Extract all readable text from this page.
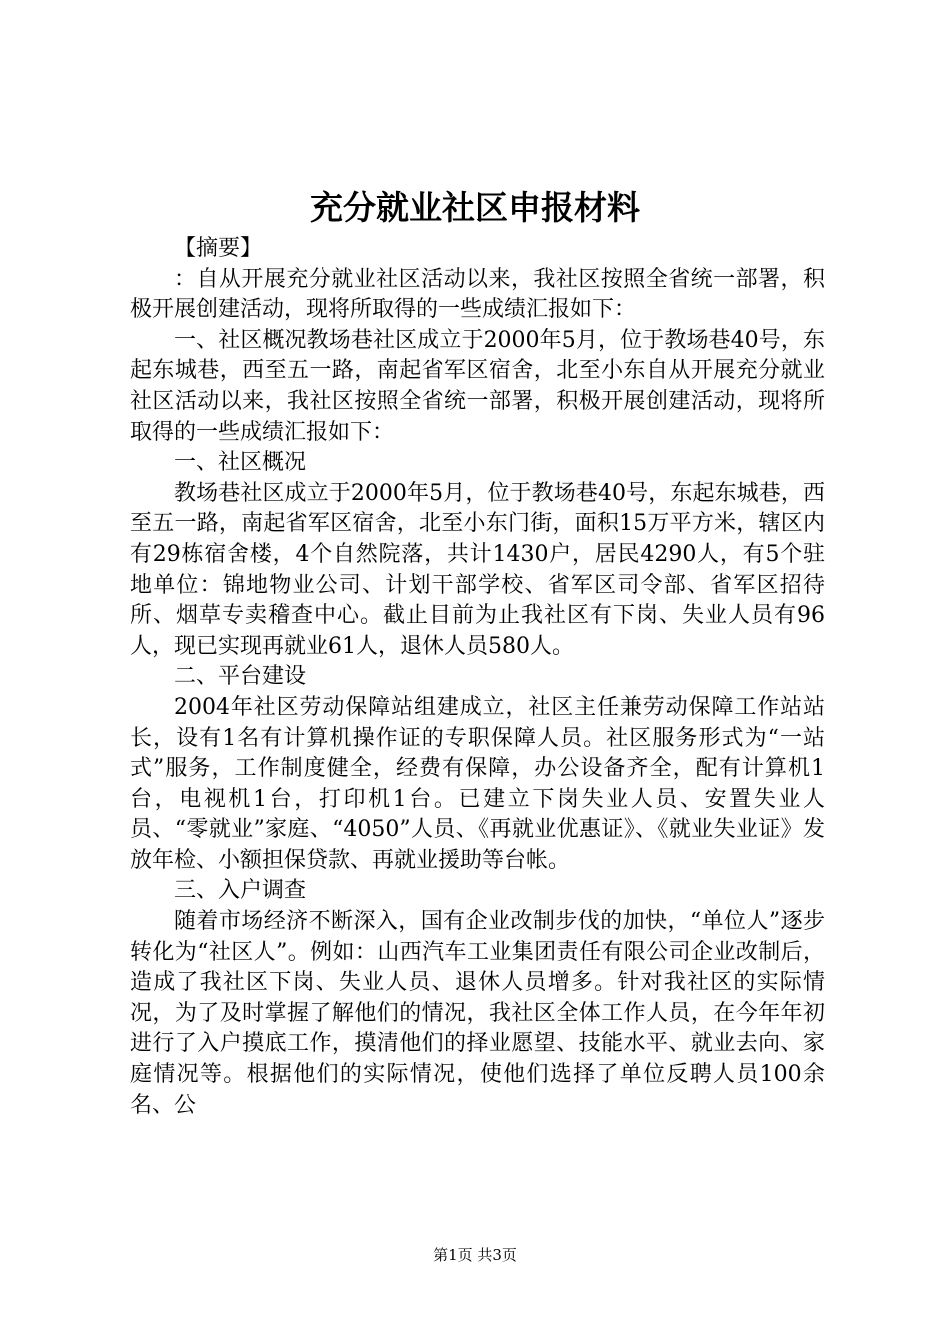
充分就业社区申报材料

【摘要】

：自从开展充分就业社区活动以来，我社区按照全省统一部署，积极开展创建活动，现将所取得的一些成绩汇报如下：

一、社区概况教场巷社区成立于2000年5月，位于教场巷40号，东起东城巷，西至五一路，南起省军区宿舍，北至小东自从开展充分就业社区活动以来，我社区按照全省统一部署，积极开展创建活动，现将所取得的一些成绩汇报如下：

一、社区概况

教场巷社区成立于2000年5月，位于教场巷40号，东起东城巷，西至五一路，南起省军区宿舍，北至小东门街，面积15万平方米，辖区内有29栋宿舍楼，4个自然院落，共计1430户，居民4290人，有5个驻地单位：锦地物业公司、计划干部学校、省军区司令部、省军区招待所、烟草专卖稽查中心。截止目前为止我社区有下岗、失业人员有96人，现已实现再就业61人，退休人员580人。

二、平台建设

2004年社区劳动保障站组建成立，社区主任兼劳动保障工作站站长，设有1名有计算机操作证的专职保障人员。社区服务形式为“一站式”服务，工作制度健全，经费有保障，办公设备齐全，配有计算机1台，电视机1台，打印机1台。已建立下岗失业人员、安置失业人员、“零就业”家庭、“4050”人员、《再就业优惠证》、《就业失业证》发放年检、小额担保贷款、再就业援助等台帐。

三、入户调查

随着市场经济不断深入，国有企业改制步伐的加快，“单位人”逐步转化为“社区人”。例如：山西汽车工业集团责任有限公司企业改制后，造成了我社区下岗、失业人员、退休人员增多。针对我社区的实际情况，为了及时掌握了解他们的情况，我社区全体工作人员，在今年年初进行了入户摸底工作，摸清他们的择业愿望、技能水平、就业去向、家庭情况等。根据他们的实际情况，使他们选择了单位反聘人员100余名、公

第1页 共3页
